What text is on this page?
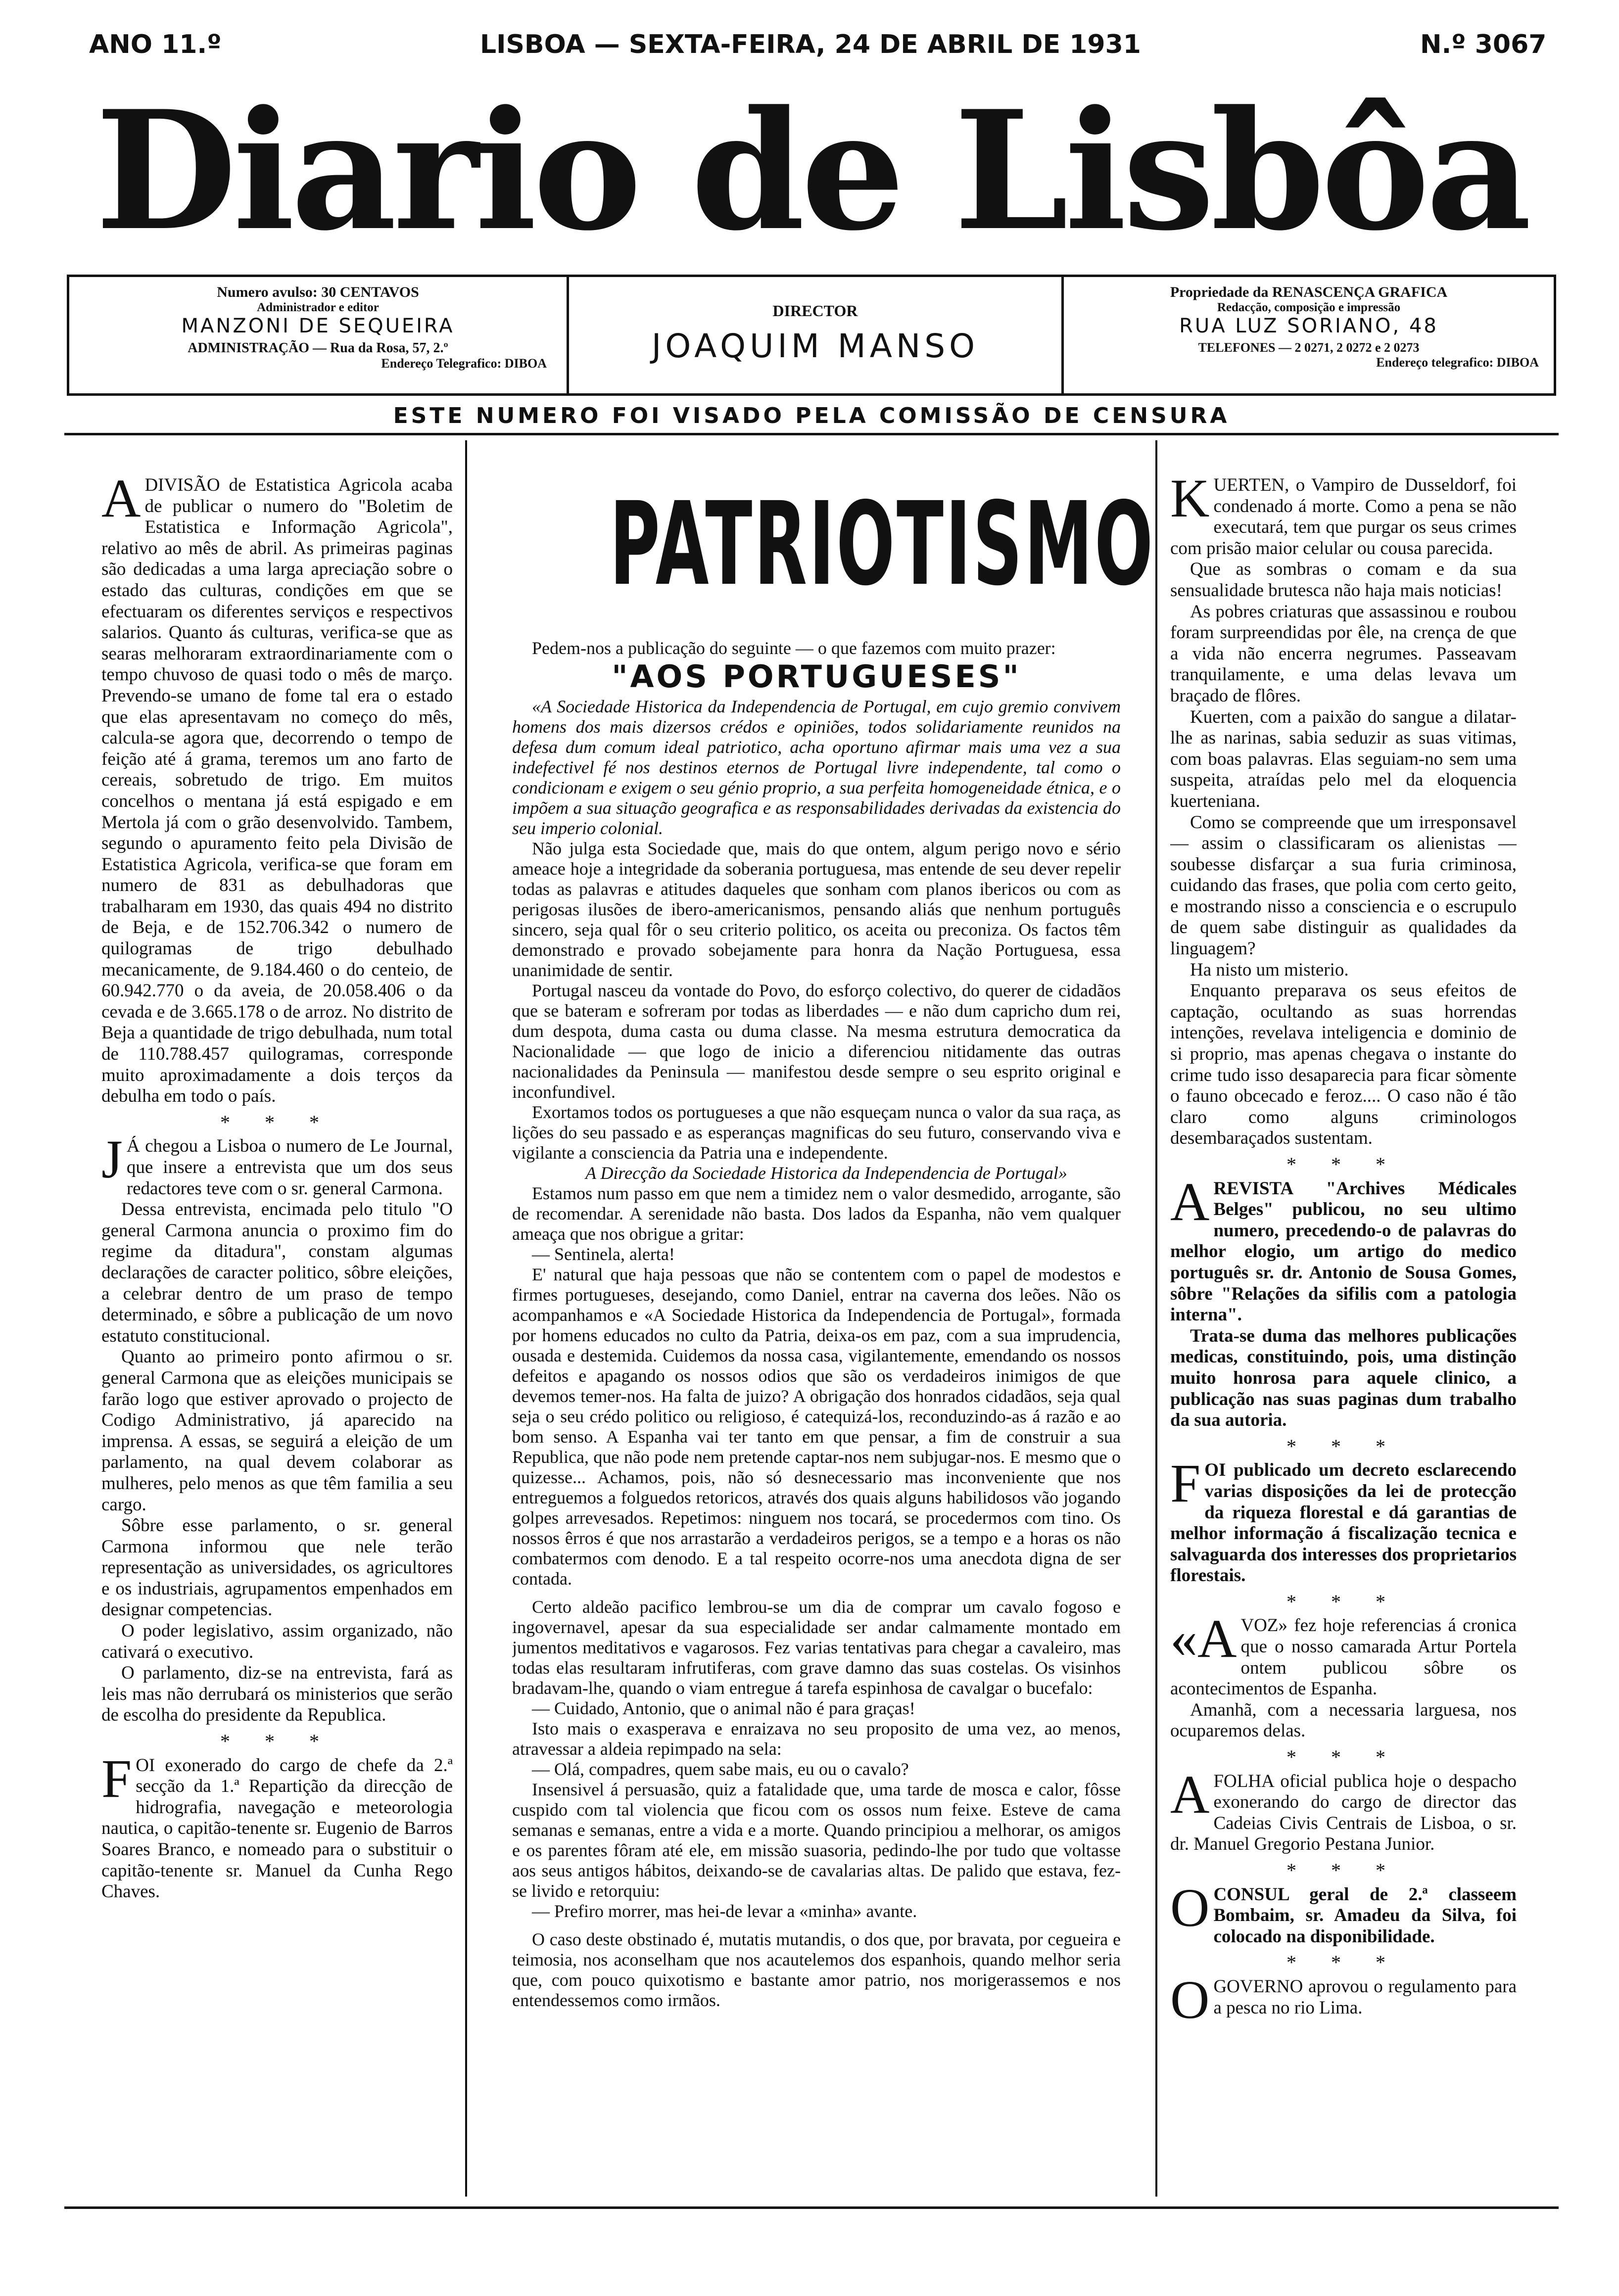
ANO 11.º	LISBOA — SEXTA-FEIRA, 24 DE ABRIL DE 1931	N.º 3067
Diario de Lisbôa
Numero avulso: 30 CENTAVOS
Administrador e editor
MANZONI DE SEQUEIRA
ADMINISTRAÇÃO — Rua da Rosa, 57, 2.º
Endereço Telegrafico: DIBOA
DIRECTOR
JOAQUIM MANSO
Propriedade da RENASCENÇA GRAFICA
Redacção, composição e impressão
RUA LUZ SORIANO, 48
TELEFONES — 2 0271, 2 0272 e 2 0273
Endereço telegrafico: DIBOA
ESTE NUMERO FOI VISADO PELA COMISSÃO DE CENSURA

ADIVISÃO de Estatistica Agricola acaba de publicar o numero do "Boletim de Estatistica e Informação Agricola", relativo ao mês de abril. As primeiras paginas são dedicadas a uma larga apreciação sobre o estado das culturas, condições em que se efectuaram os diferentes serviços e respectivos salarios. Quanto ás culturas, verifica-se que as searas melhoraram extraordinariamente com o tempo chuvoso de quasi todo o mês de março. Prevendo-se umano de fome tal era o estado que elas apresentavam no começo do mês, calcula-se agora que, decorrendo o tempo de feição até á grama, teremos um ano farto de cereais, sobretudo de trigo. Em muitos concelhos o mentana já está espigado e em Mertola já com o grão desenvolvido. Tambem, segundo o apuramento feito pela Divisão de Estatistica Agricola, verifica-se que foram em numero de 831 as debulhadoras que trabalharam em 1930, das quais 494 no distrito de Beja, e de 152.706.342 o numero de quilogramas de trigo debulhado mecanicamente, de 9.184.460 o do centeio, de 60.942.770 o da aveia, de 20.058.406 o da cevada e de 3.665.178 o de arroz. No distrito de Beja a quantidade de trigo debulhada, num total de 110.788.457 quilogramas, corresponde muito aproximadamente a dois terços da debulha em todo o país.

* * *

J Á chegou a Lisboa o numero de Le Journal, que insere a entrevista que um dos seus redactores teve com o sr. general Carmona.

Dessa entrevista, encimada pelo titulo "O general Carmona anuncia o proximo fim do regime da ditadura", constam algumas declarações de caracter politico, sôbre eleições, a celebrar dentro de um praso de tempo determinado, e sôbre a publicação de um novo estatuto constitucional.

Quanto ao primeiro ponto afirmou o sr. general Carmona que as eleições municipais se farão logo que estiver aprovado o projecto de Codigo Administrativo, já aparecido na imprensa. A essas, se seguirá a eleição de um parlamento, na qual devem colaborar as mulheres, pelo menos as que têm familia a seu cargo.

Sôbre esse parlamento, o sr. general Carmona informou que nele terão representação as universidades, os agricultores e os industriais, agrupamentos empenhados em designar competencias.

O poder legislativo, assim organizado, não cativará o executivo.

O parlamento, diz-se na entrevista, fará as leis mas não derrubará os ministerios que serão de escolha do presidente da Republica.

* * *

FOI exonerado do cargo de chefe da 2.ª secção da 1.ª Repartição da direcção de hidrografia, navegação e meteorologia nautica, o capitão-tenente sr. Eugenio de Barros Soares Branco, e nomeado para o substituir o capitão-tenente sr. Manuel da Cunha Rego Chaves.

PATRIOTISMO

Pedem-nos a publicação do seguinte — o que fazemos com muito prazer:

"AOS PORTUGUESES"

«A Sociedade Historica da Independencia de Portugal, em cujo gremio convivem homens dos mais dizersos crédos e opiniões, todos solidariamente reunidos na defesa dum comum ideal patriotico, acha oportuno afirmar mais uma vez a sua indefectivel fé nos destinos eternos de Portugal livre independente, tal como o condicionam e exigem o seu génio proprio, a sua perfeita homogeneidade étnica, e o impõem a sua situação geografica e as responsabilidades derivadas da existencia do seu imperio colonial.

Não julga esta Sociedade que, mais do que ontem, algum perigo novo e sério ameace hoje a integridade da soberania portuguesa, mas entende de seu dever repelir todas as palavras e atitudes daqueles que sonham com planos ibericos ou com as perigosas ilusões de ibero-americanismos, pensando aliás que nenhum português sincero, seja qual fôr o seu criterio politico, os aceita ou preconiza. Os factos têm demonstrado e provado sobejamente para honra da Nação Portuguesa, essa unanimidade de sentir.

Portugal nasceu da vontade do Povo, do esforço colectivo, do querer de cidadãos que se bateram e sofreram por todas as liberdades — e não dum capricho dum rei, dum despota, duma casta ou duma classe. Na mesma estrutura democratica da Nacionalidade — que logo de inicio a diferenciou nitidamente das outras nacionalidades da Peninsula — manifestou desde sempre o seu esprito original e inconfundivel.

Exortamos todos os portugueses a que não esqueçam nunca o valor da sua raça, as lições do seu passado e as esperanças magnificas do seu futuro, conservando viva e vigilante a consciencia da Patria una e independente.

A Direcção da Sociedade Historica da Independencia de Portugal»

Estamos num passo em que nem a timidez nem o valor desmedido, arrogante, são de recomendar. A serenidade não basta. Dos lados da Espanha, não vem qualquer ameaça que nos obrigue a gritar:

— Sentinela, alerta!

E' natural que haja pessoas que não se contentem com o papel de modestos e firmes portugueses, desejando, como Daniel, entrar na caverna dos leões. Não os acompanhamos e «A Sociedade Historica da Independencia de Portugal», formada por homens educados no culto da Patria, deixa-os em paz, com a sua imprudencia, ousada e destemida. Cuidemos da nossa casa, vigilantemente, emendando os nossos defeitos e apagando os nossos odios que são os verdadeiros inimigos de que devemos temer-nos. Ha falta de juizo? A obrigação dos honrados cidadãos, seja qual seja o seu crédo politico ou religioso, é catequizá-los, reconduzindo-as á razão e ao bom senso. A Espanha vai ter tanto em que pensar, a fim de construir a sua Republica, que não pode nem pretende captar-nos nem subjugar-nos. E mesmo que o quizesse... Achamos, pois, não só desnecessario mas inconveniente que nos entreguemos a folguedos retoricos, através dos quais alguns habilidosos vão jogando golpes arrevesados. Repetimos: ninguem nos tocará, se procedermos com tino. Os nossos êrros é que nos arrastarão a verdadeiros perigos, se a tempo e a horas os não combatermos com denodo. E a tal respeito ocorre-nos uma anecdota digna de ser contada.

Certo aldeão pacifico lembrou-se um dia de comprar um cavalo fogoso e ingovernavel, apesar da sua especialidade ser andar calmamente montado em jumentos meditativos e vagarosos. Fez varias tentativas para chegar a cavaleiro, mas todas elas resultaram infrutiferas, com grave damno das suas costelas. Os visinhos bradavam-lhe, quando o viam entregue á tarefa espinhosa de cavalgar o bucefalo:

— Cuidado, Antonio, que o animal não é para graças!

Isto mais o exasperava e enraizava no seu proposito de uma vez, ao menos, atravessar a aldeia repimpado na sela:

— Olá, compadres, quem sabe mais, eu ou o cavalo?

Insensivel á persuasão, quiz a fatalidade que, uma tarde de mosca e calor, fôsse cuspido com tal violencia que ficou com os ossos num feixe. Esteve de cama semanas e semanas, entre a vida e a morte. Quando principiou a melhorar, os amigos e os parentes fôram até ele, em missão suasoria, pedindo-lhe por tudo que voltasse aos seus antigos hábitos, deixando-se de cavalarias altas. De palido que estava, fez-se livido e retorquiu:

— Prefiro morrer, mas hei-de levar a «minha» avante.

O caso deste obstinado é, mutatis mutandis, o dos que, por bravata, por cegueira e teimosia, nos aconselham que nos acautelemos dos espanhois, quando melhor seria que, com pouco quixotismo e bastante amor patrio, nos morigerassemos e nos entendessemos como irmãos.

KUERTEN, o Vampiro de Dusseldorf, foi condenado á morte. Como a pena se não executará, tem que purgar os seus crimes com prisão maior celular ou cousa parecida.

Que as sombras o comam e da sua sensualidade brutesca não haja mais noticias!

As pobres criaturas que assassinou e roubou foram surpreendidas por êle, na crença de que a vida não encerra negrumes. Passeavam tranquilamente, e uma delas levava um braçado de flôres.

Kuerten, com a paixão do sangue a dilatar-lhe as narinas, sabia seduzir as suas vitimas, com boas palavras. Elas seguiam-no sem uma suspeita, atraídas pelo mel da eloquencia kuerteniana.

Como se compreende que um irresponsavel — assim o classificaram os alienistas — soubesse disfarçar a sua furia criminosa, cuidando das frases, que polia com certo geito, e mostrando nisso a consciencia e o escrupulo de quem sabe distinguir as qualidades da linguagem?

Ha nisto um misterio.

Enquanto preparava os seus efeitos de captação, ocultando as suas horrendas intenções, revelava inteligencia e dominio de si proprio, mas apenas chegava o instante do crime tudo isso desaparecia para ficar sòmente o fauno obcecado e feroz.... O caso não é tão claro como alguns criminologos desembaraçados sustentam.

* * *

AREVISTA "Archives Médicales Belges" publicou, no seu ultimo numero, precedendo-o de palavras do melhor elogio, um artigo do medico português sr. dr. Antonio de Sousa Gomes, sôbre "Relações da sifilis com a patologia interna".

Trata-se duma das melhores publicações medicas, constituindo, pois, uma distinção muito honrosa para aquele clinico, a publicação nas suas paginas dum trabalho da sua autoria.

* * *

FOI publicado um decreto esclarecendo varias disposições da lei de protecção da riqueza florestal e dá garantias de melhor informação á fiscalização tecnica e salvaguarda dos interesses dos proprietarios florestais.

* * *

«AVOZ» fez hoje referencias á cronica que o nosso camarada Artur Portela ontem publicou sôbre os acontecimentos de Espanha.

Amanhã, com a necessaria larguesa, nos ocuparemos delas.

* * *

AFOLHA oficial publica hoje o despacho exonerando do cargo de director das Cadeias Civis Centrais de Lisboa, o sr. dr. Manuel Gregorio Pestana Junior.

* * *

OCONSUL geral de 2.ª classeem Bombaim, sr. Amadeu da Silva, foi colocado na disponibilidade.

* * *

OGOVERNO aprovou o regulamento para a pesca no rio Lima.
